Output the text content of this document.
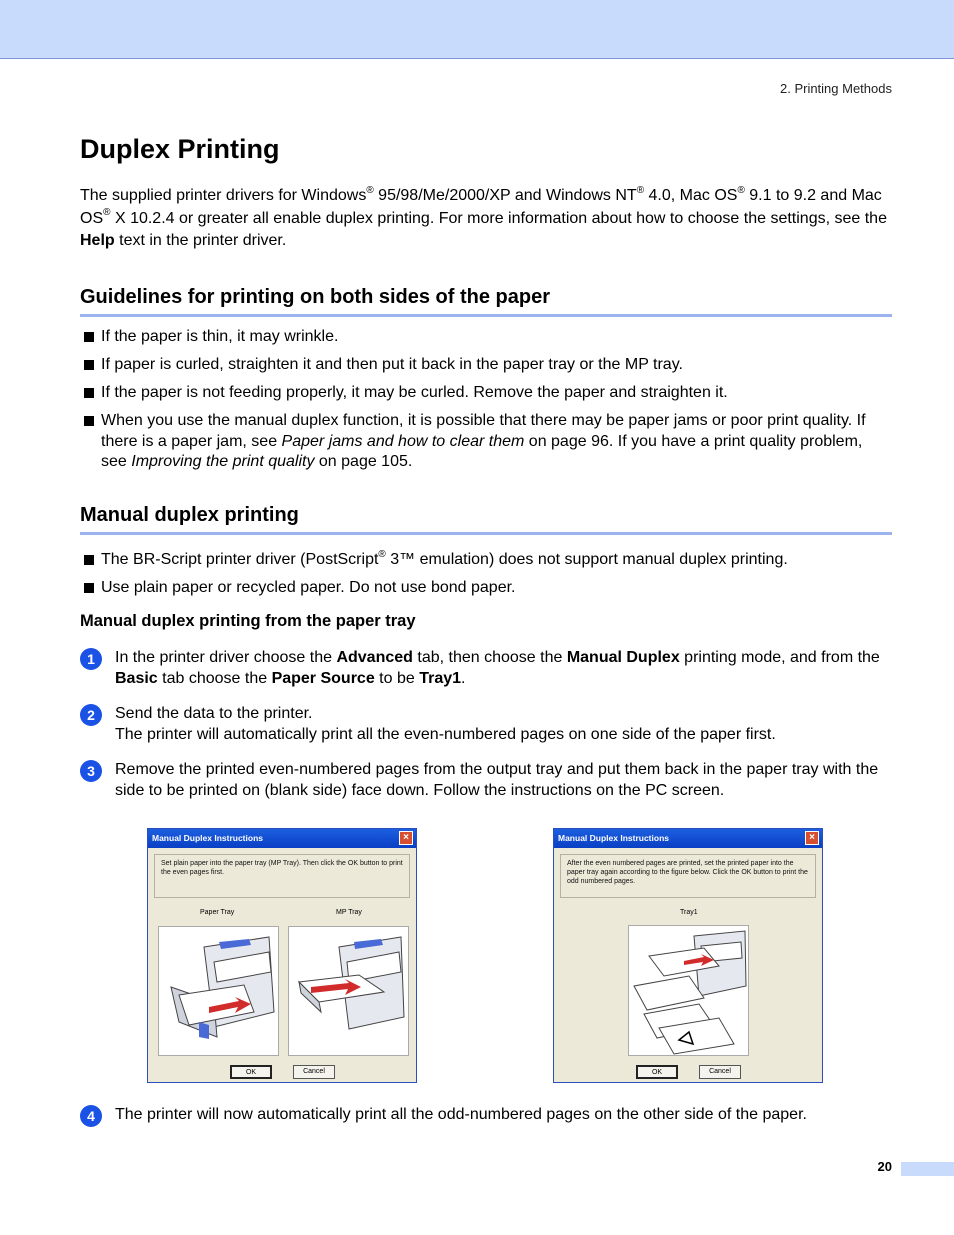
2. Printing Methods
Duplex Printing

The supplied printer drivers for Windows® 95/98/Me/2000/XP and Windows NT® 4.0, Mac OS® 9.1 to 9.2 and Mac OS® X 10.2.4 or greater all enable duplex printing. For more information about how to choose the settings, see the Help text in the printer driver.

Guidelines for printing on both sides of the paper
If the paper is thin, it may wrinkle.
If paper is curled, straighten it and then put it back in the paper tray or the MP tray.
If the paper is not feeding properly, it may be curled. Remove the paper and straighten it.
When you use the manual duplex function, it is possible that there may be paper jams or poor print quality. If there is a paper jam, see Paper jams and how to clear them on page 96. If you have a print quality problem, see Improving the print quality on page 105.
Manual duplex printing
The BR-Script printer driver (PostScript® 3™ emulation) does not support manual duplex printing.
Use plain paper or recycled paper. Do not use bond paper.
Manual duplex printing from the paper tray
1	In the printer driver choose the Advanced tab, then choose the Manual Duplex printing mode, and from the Basic tab choose the Paper Source to be Tray1.
2	Send the data to the printer.
The printer will automatically print all the even-numbered pages on one side of the paper first.
3	Remove the printed even-numbered pages from the output tray and put them back in the paper tray with the side to be printed on (blank side) face down. Follow the instructions on the PC screen.
Manual Duplex Instructions	×
Set plain paper into the paper tray (MP Tray). Then click the OK button to print the even pages first.
Paper Tray	MP Tray
OK	Cancel
Manual Duplex Instructions	×
After the even numbered pages are printed, set the printed paper into the paper tray again according to the figure below. Click the OK button to print the odd numbered pages.
Tray1
OK	Cancel
4	The printer will now automatically print all the odd-numbered pages on the other side of the paper.
20
